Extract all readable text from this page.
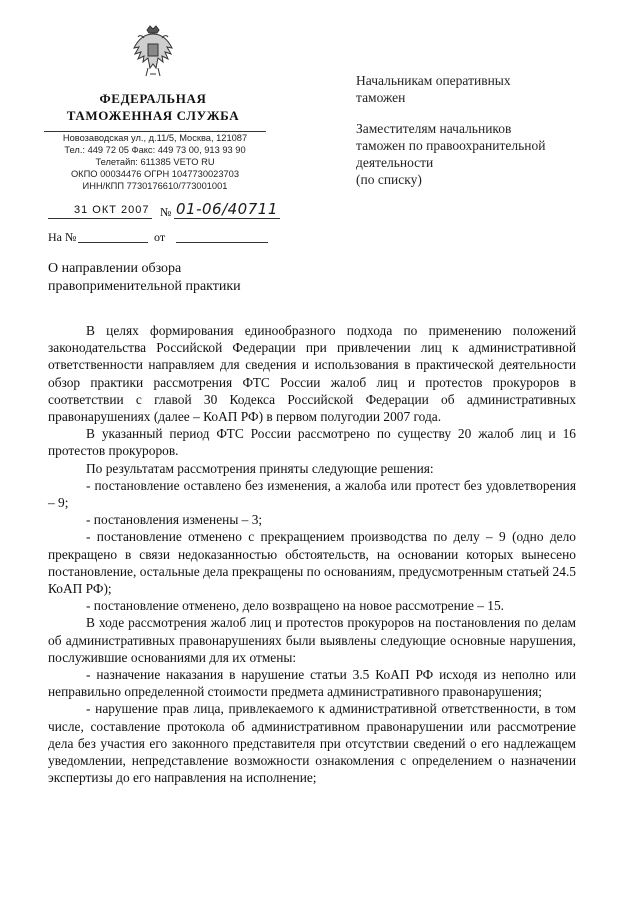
ФЕДЕРАЛЬНАЯ
ТАМОЖЕННАЯ СЛУЖБА
Новозаводская ул., д.11/5, Москва, 121087
Тел.: 449 72 05 Факс: 449 73 00, 913 93 90
Телетайп: 611385 VETO RU
ОКПО 00034476 ОГРН 1047730023703
ИНН/КПП 7730176610/773001001
31 ОКТ 2007 № 01-06/40711
На №	от
О направлении обзора
правоприменительной практики
Начальникам оперативных
таможен
Заместителям начальников
таможен по правоохранительной
деятельности
(по списку)

В целях формирования единообразного подхода по применению положений законодательства Российской Федерации при привлечении лиц к административной ответственности направляем для сведения и использования в практической деятельности обзор практики рассмотрения ФТС России жалоб лиц и протестов прокуроров в соответствии с главой 30 Кодекса Российской Федерации об административных правонарушениях (далее – КоАП РФ) в первом полугодии 2007 года.

В указанный период ФТС России рассмотрено по существу 20 жалоб лиц и 16 протестов прокуроров.

По результатам рассмотрения приняты следующие решения:

- постановление оставлено без изменения, а жалоба или протест без удовлетворения – 9;

- постановления изменены – 3;

- постановление отменено с прекращением производства по делу – 9 (одно дело прекращено в связи недоказанностью обстоятельств, на основании которых вынесено постановление, остальные дела прекращены по основаниям, предусмотренным статьей 24.5 КоАП РФ);

- постановление отменено, дело возвращено на новое рассмотрение – 15.

В ходе рассмотрения жалоб лиц и протестов прокуроров на постановления по делам об административных правонарушениях были выявлены следующие основные нарушения, послужившие основаниями для их отмены:

- назначение наказания в нарушение статьи 3.5 КоАП РФ исходя из неполно или неправильно определенной стоимости предмета административного правонарушения;

- нарушение прав лица, привлекаемого к административной ответственности, в том числе, составление протокола об административном правонарушении или рассмотрение дела без участия его законного представителя при отсутствии сведений о его надлежащем уведомлении, непредставление возможности ознакомления с определением о назначении экспертизы до его направления на исполнение;
